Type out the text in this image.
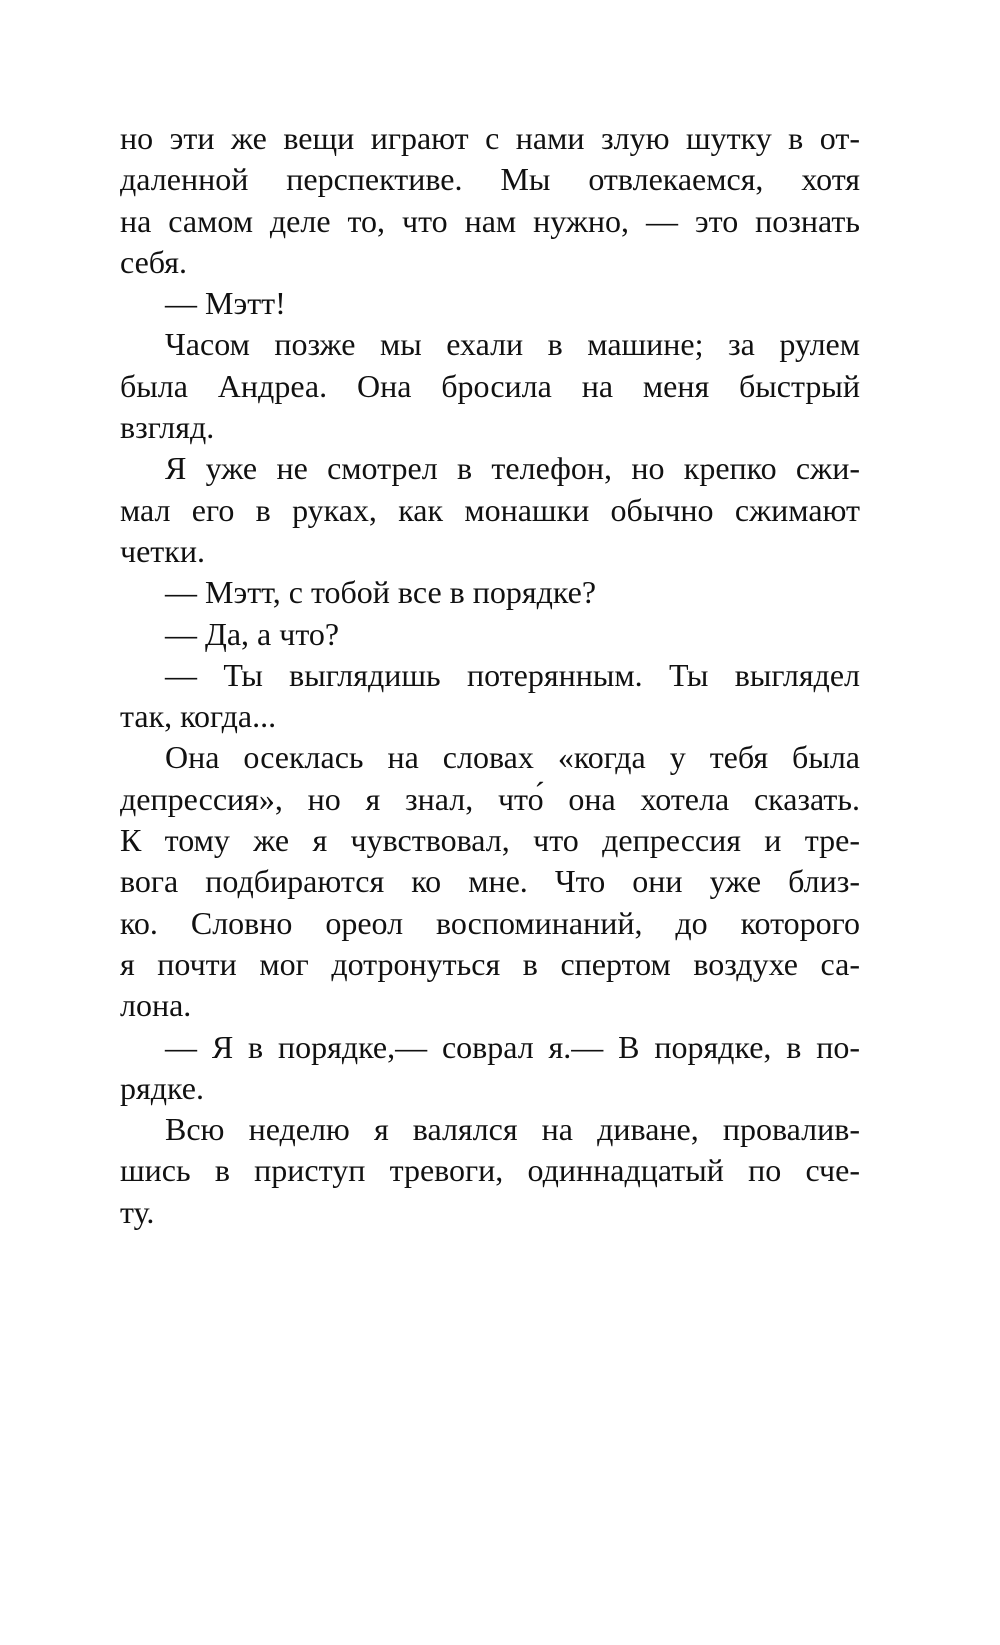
но эти же вещи играют с нами злую шутку в от-
даленной перспективе. Мы отвлекаемся, хотя
на самом деле то, что нам нужно, — это познать
себя.
— Мэтт!
Часом позже мы ехали в машине; за рулем
была Андреа. Она бросила на меня быстрый
взгляд.
Я уже не смотрел в телефон, но крепко сжи-
мал его в руках, как монашки обычно сжимают
четки.
— Мэтт, с тобой все в порядке?
— Да, а что?
— Ты выглядишь потерянным. Ты выглядел
так, когда...
Она осеклась на словах «когда у тебя была
депрессия», но я знал, что́ она хотела сказать.
К тому же я чувствовал, что депрессия и тре-
вога подбираются ко мне. Что они уже близ-
ко. Словно ореол воспоминаний, до которого
я почти мог дотронуться в спертом воздухе са-
лона.
— Я в порядке,— соврал я.— В порядке, в по-
рядке.
Всю неделю я валялся на диване, провалив-
шись в приступ тревоги, одиннадцатый по сче-
ту.
